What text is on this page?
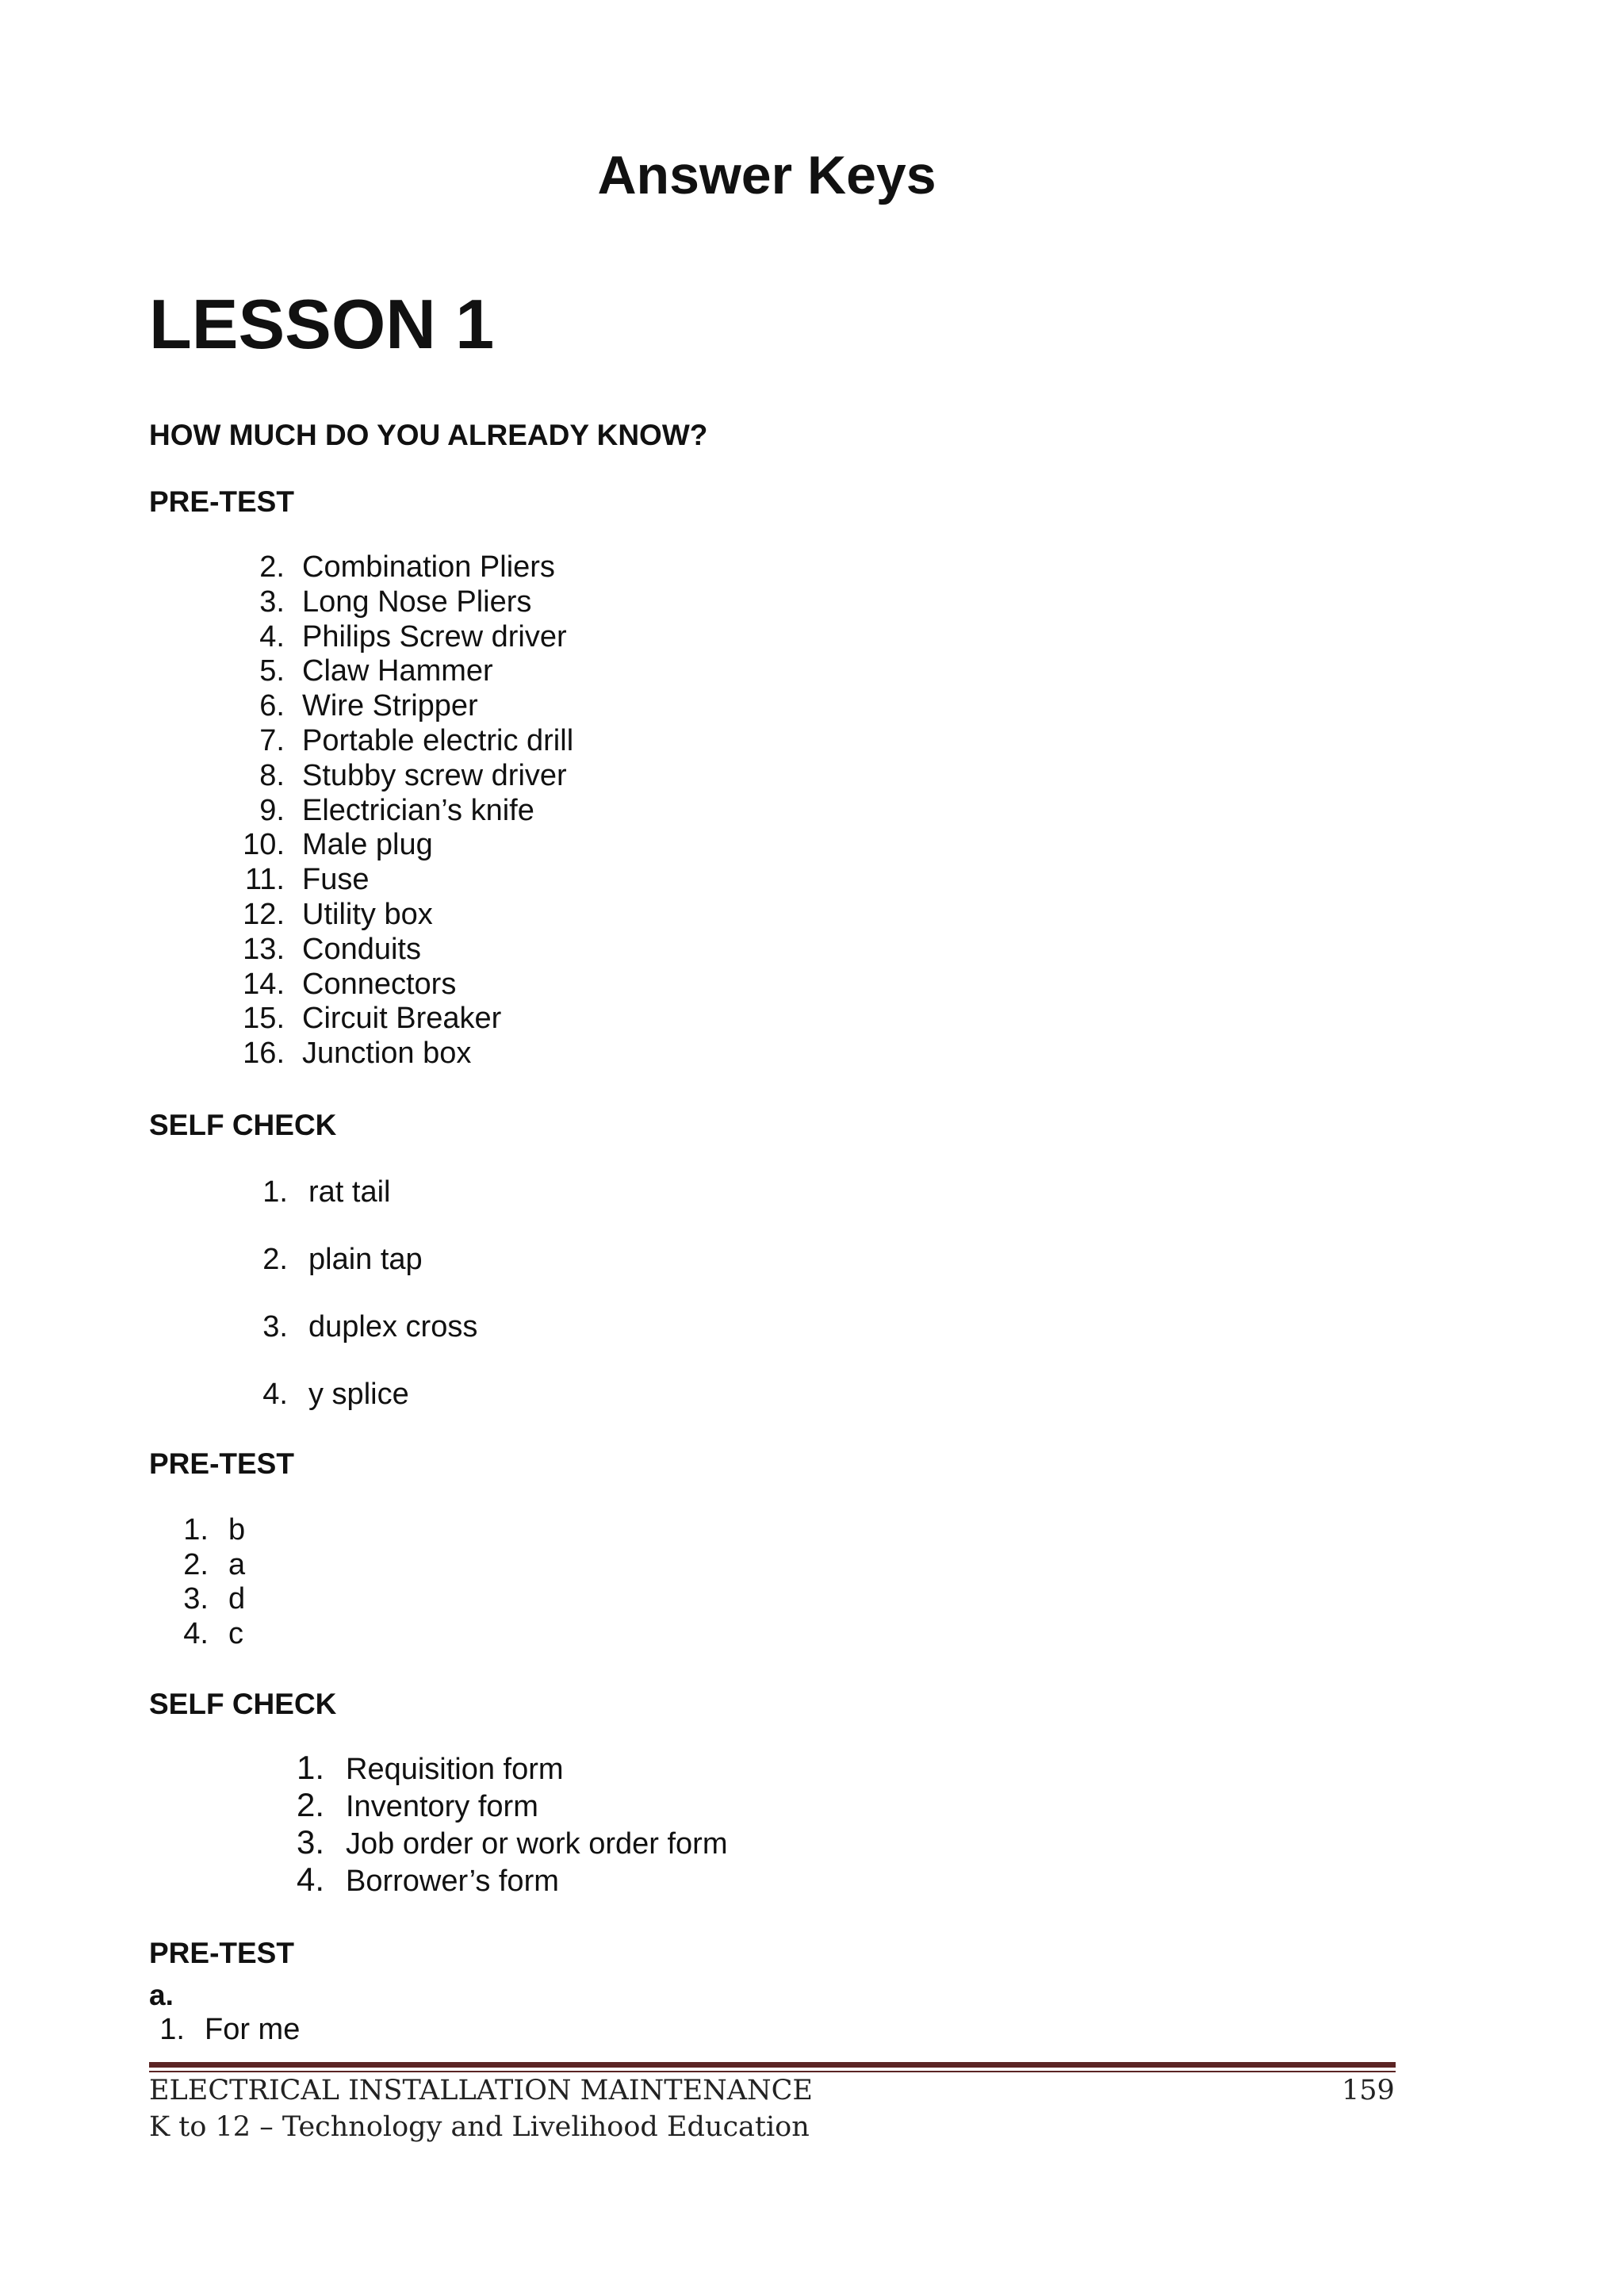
Answer Keys
LESSON 1
HOW MUCH DO YOU ALREADY KNOW?
PRE-TEST
2. Combination Pliers
3. Long Nose Pliers
4. Philips Screw driver
5. Claw Hammer
6. Wire Stripper
7. Portable electric drill
8. Stubby screw driver
9. Electrician’s knife
10. Male plug
11. Fuse
12. Utility box
13. Conduits
14. Connectors
15. Circuit Breaker
16. Junction box
SELF CHECK
1. rat tail
2. plain tap
3. duplex cross
4. y splice
PRE-TEST
1. b
2. a
3. d
4. c
SELF CHECK
1. Requisition form
2. Inventory form
3. Job order or work order form
4. Borrower’s form
PRE-TEST
a.
1. For me
ELECTRICAL INSTALLATION MAINTENANCE	159
K to 12 – Technology and Livelihood Education
